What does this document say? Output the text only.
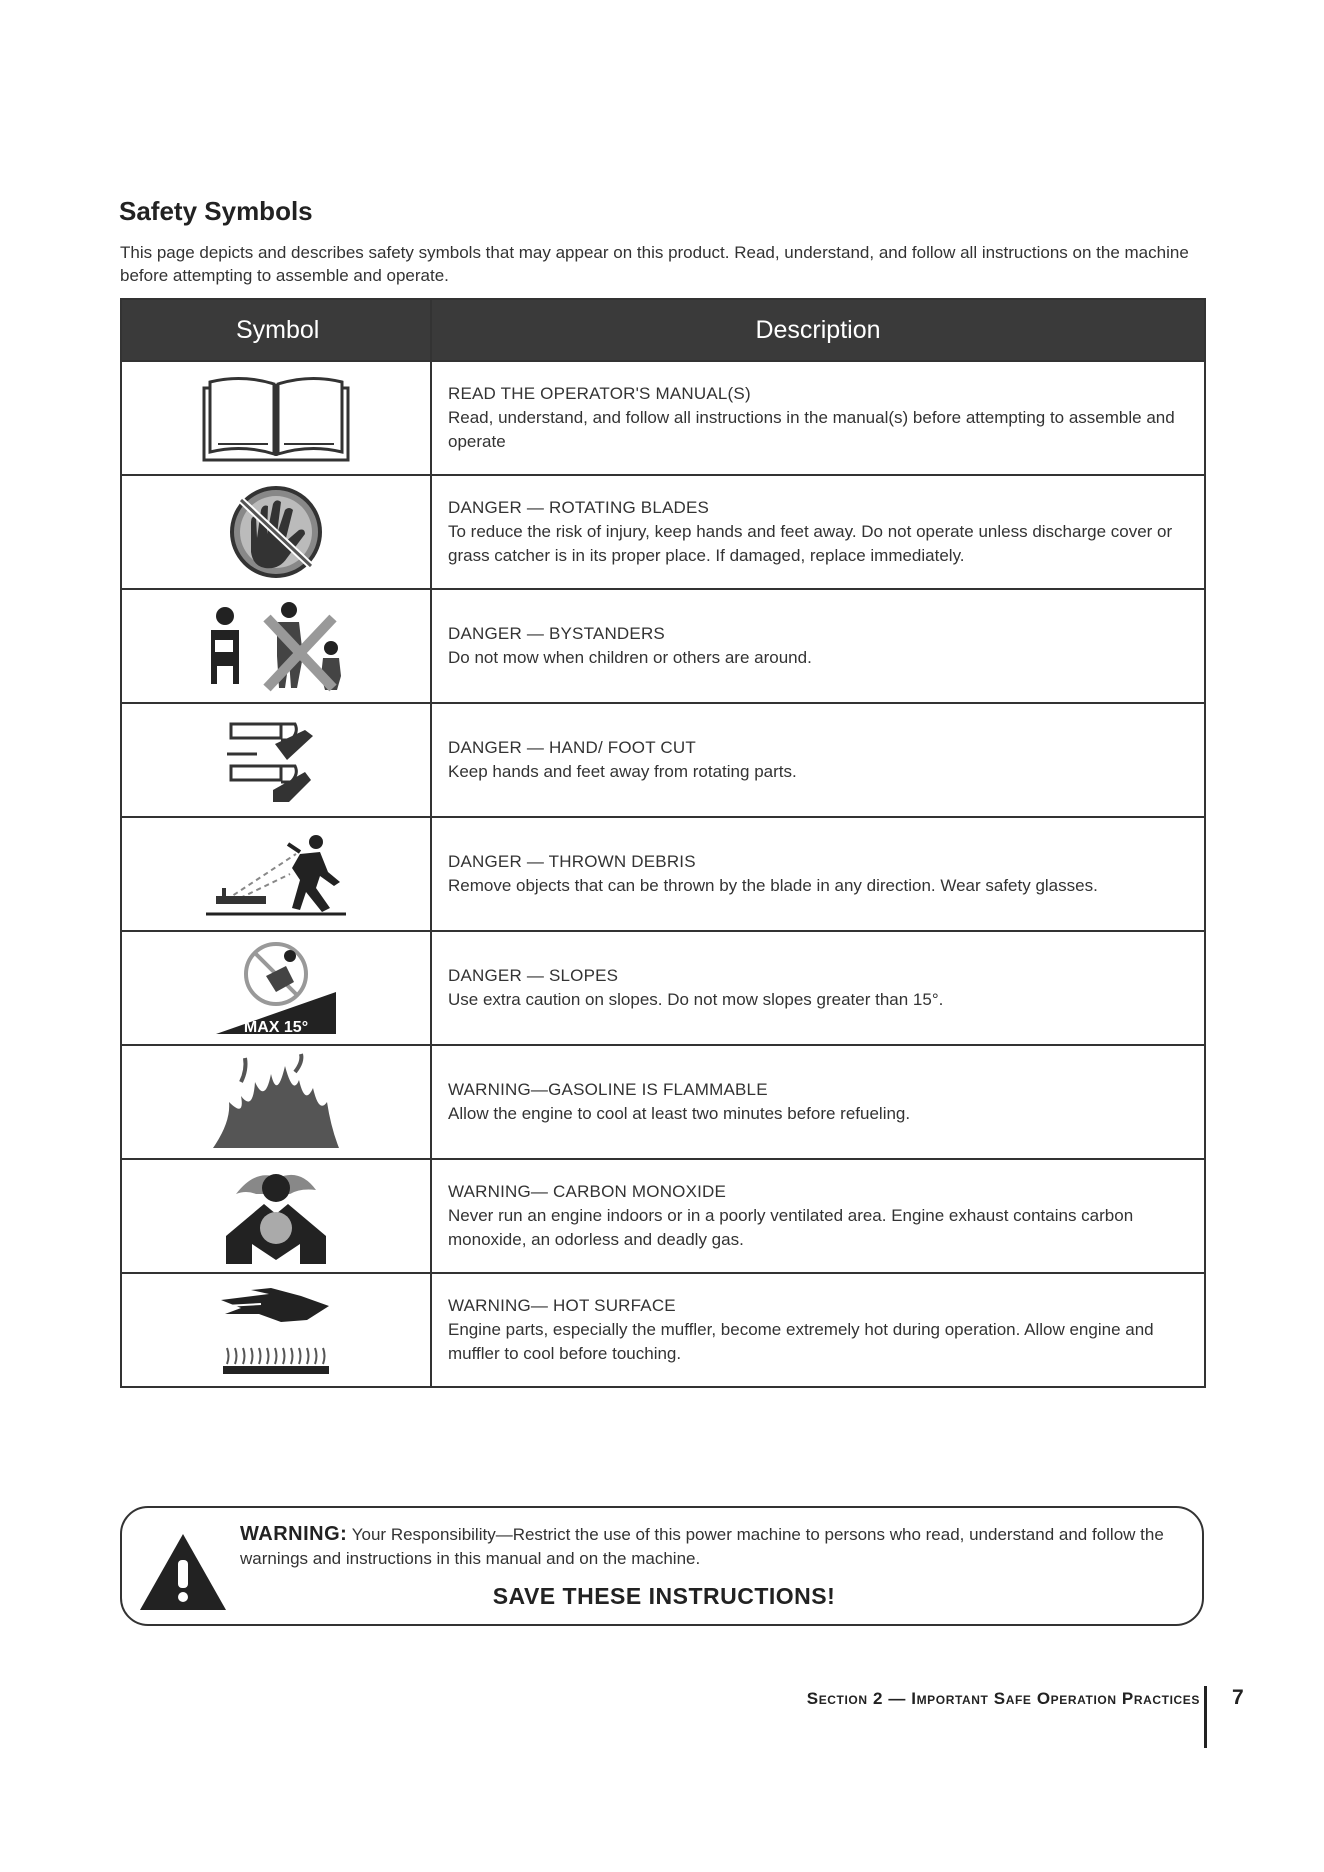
Safety Symbols

This page depicts and describes safety symbols that may appear on this product. Read, understand, and follow all instructions on the machine before attempting to assemble and operate.

Symbol	Description

READ THE OPERATOR'S MANUAL(S)
Read, understand, and follow all instructions in the manual(s) before attempting to assemble and operate

DANGER — ROTATING BLADES
To reduce the risk of injury, keep hands and feet away. Do not operate unless discharge cover or grass catcher is in its proper place. If damaged, replace immediately.

DANGER — BYSTANDERS
Do not mow when children or others are around.

DANGER — HAND/ FOOT CUT
Keep hands and feet away from rotating parts.

DANGER — THROWN DEBRIS
Remove objects that can be thrown by the blade in any direction. Wear safety glasses.

MAX 15°	DANGER — SLOPES
Use extra caution on slopes. Do not mow slopes greater than 15°.

WARNING—GASOLINE IS FLAMMABLE
Allow the engine to cool at least two minutes before refueling.

WARNING— CARBON MONOXIDE
Never run an engine indoors or in a poorly ventilated area. Engine exhaust contains carbon monoxide, an odorless and deadly gas.

WARNING— HOT SURFACE
Engine parts, especially the muffler, become extremely hot during operation. Allow engine and muffler to cool before touching.
WARNING: Your Responsibility—Restrict the use of this power machine to persons who read, understand and follow the warnings and instructions in this manual and on the machine.
SAVE THESE INSTRUCTIONS!
Section 2 — Important Safe Operation Practices 7
